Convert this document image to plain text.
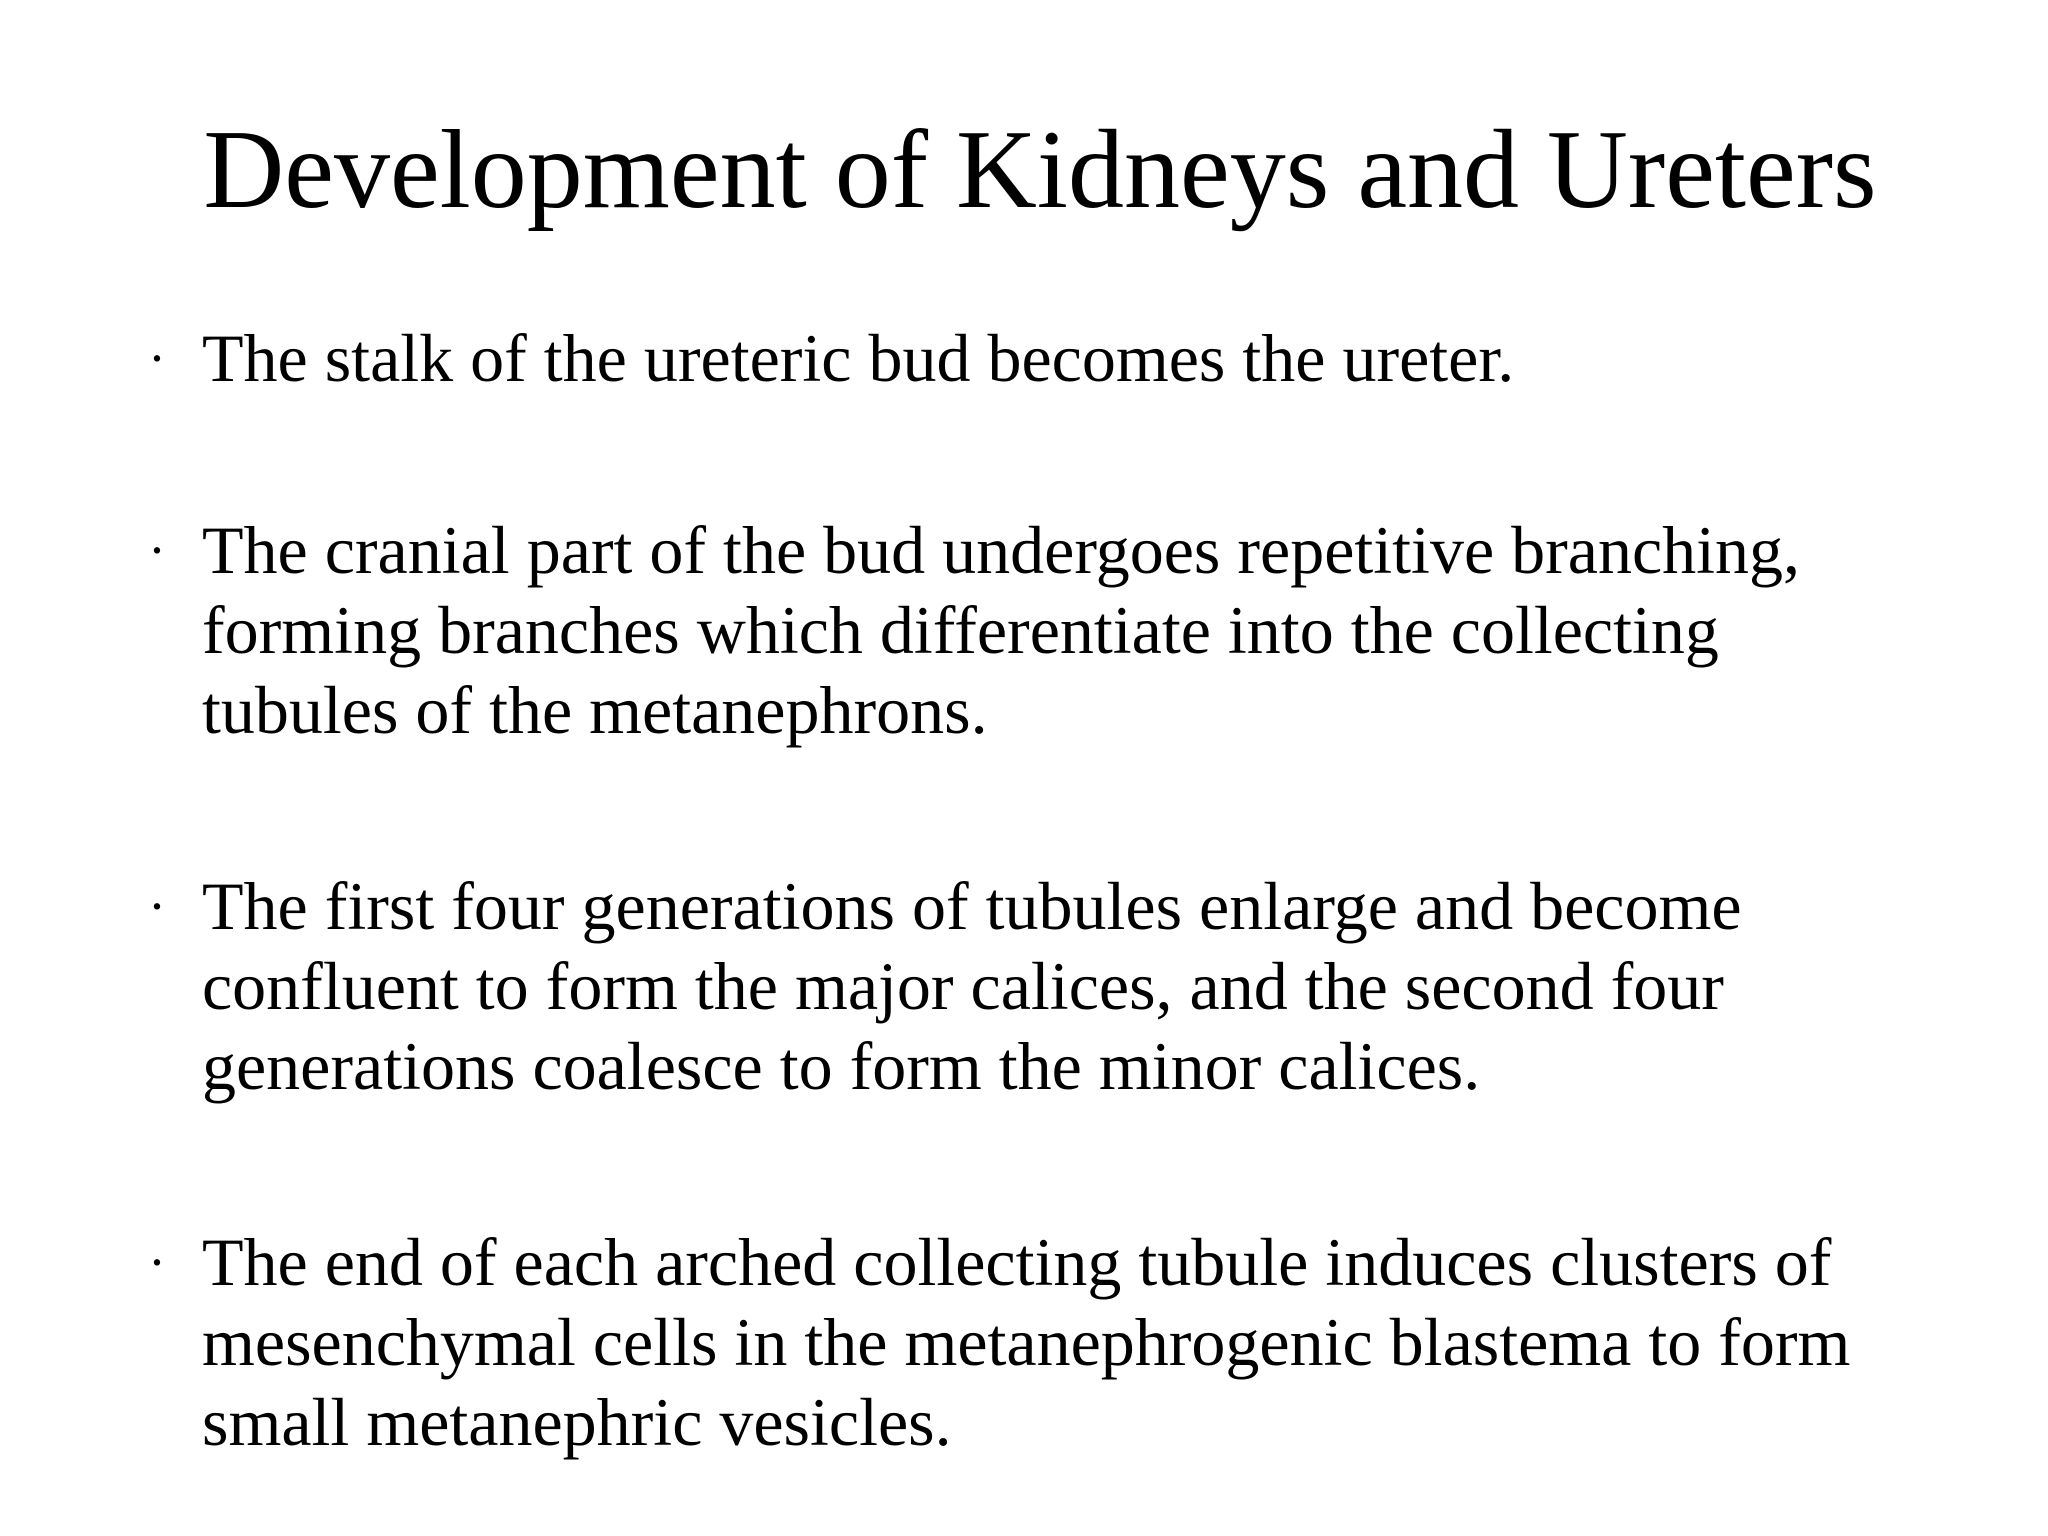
Development of Kidneys and Ureters
· The stalk of the ureteric bud becomes the ureter.
· The cranial part of the bud undergoes repetitive branching,
forming branches which differentiate into the collecting
tubules of the metanephrons.
· The first four generations of tubules enlarge and become
confluent to form the major calices, and the second four
generations coalesce to form the minor calices.
· The end of each arched collecting tubule induces clusters of
mesenchymal cells in the metanephrogenic blastema to form
small metanephric vesicles.
